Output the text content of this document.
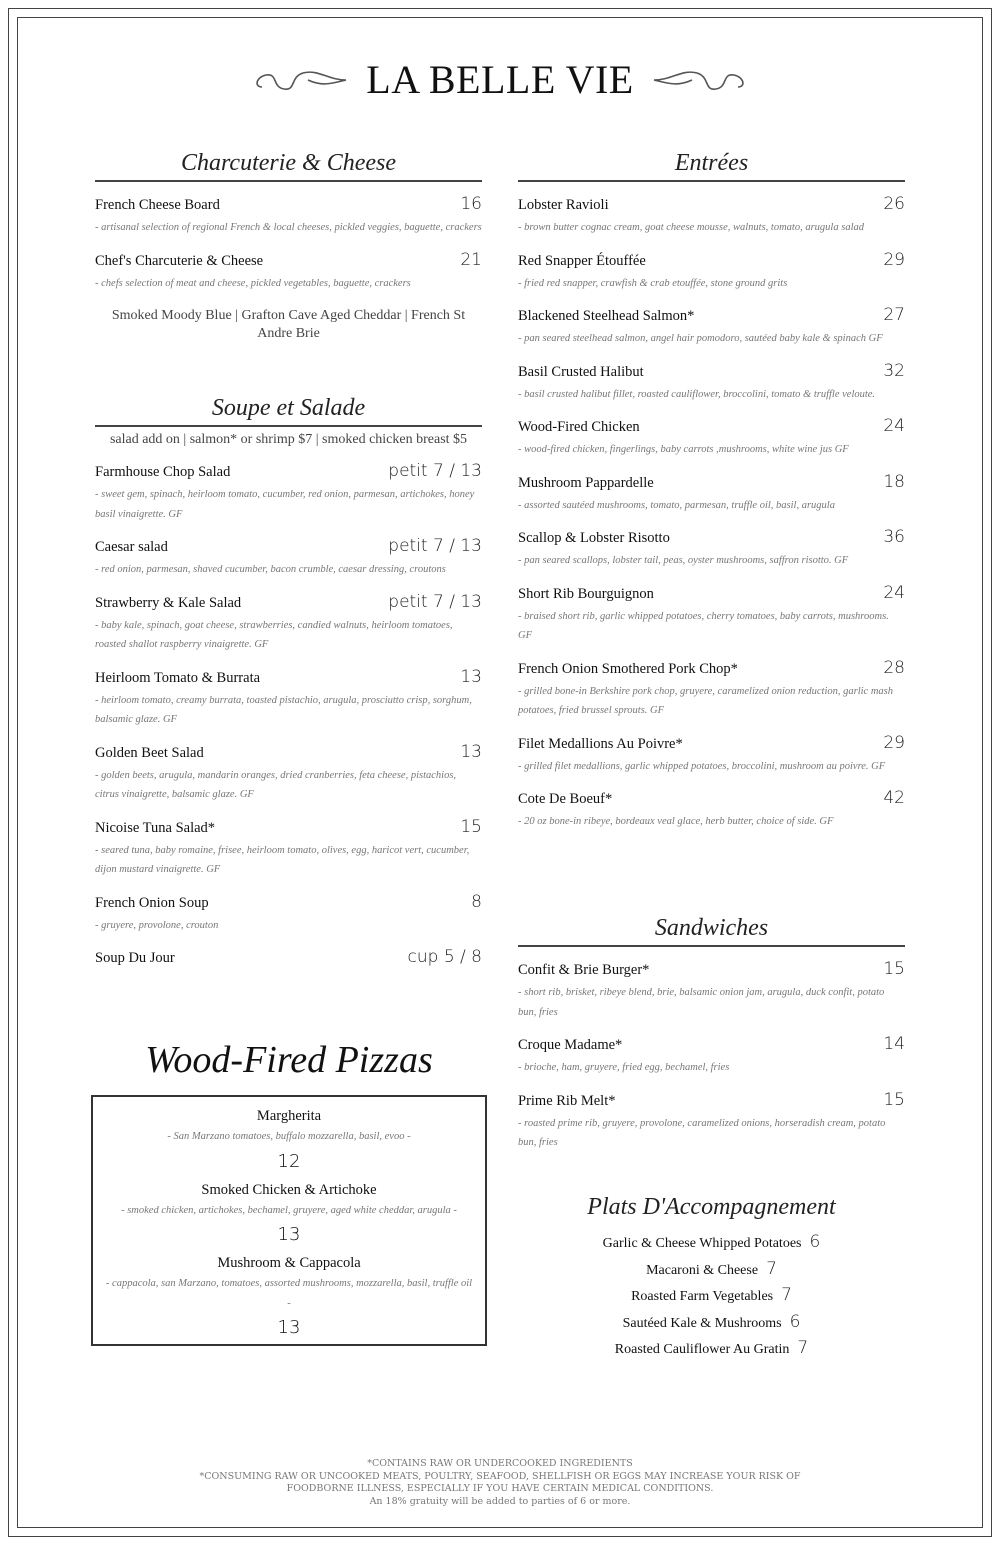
LA BELLE VIE
Charcuterie & Cheese
French Cheese Board	16
- artisanal selection of regional French & local cheeses, pickled veggies, baguette, crackers
Chef's Charcuterie & Cheese	21
- chefs selection of meat and cheese, pickled vegetables, baguette, crackers
Smoked Moody Blue | Grafton Cave Aged Cheddar | French St Andre Brie
Soupe et Salade
salad add on | salmon* or shrimp $7 | smoked chicken breast $5
Farmhouse Chop Salad	petit 7 / 13
- sweet gem, spinach, heirloom tomato, cucumber, red onion, parmesan, artichokes, honey basil vinaigrette. GF
Caesar salad	petit 7 / 13
- red onion, parmesan, shaved cucumber, bacon crumble, caesar dressing, croutons
Strawberry & Kale Salad	petit 7 / 13
- baby kale, spinach, goat cheese, strawberries, candied walnuts, heirloom tomatoes, roasted shallot raspberry vinaigrette. GF
Heirloom Tomato & Burrata	13
- heirloom tomato, creamy burrata, toasted pistachio, arugula, prosciutto crisp, sorghum, balsamic glaze. GF
Golden Beet Salad	13
- golden beets, arugula, mandarin oranges, dried cranberries, feta cheese, pistachios, citrus vinaigrette, balsamic glaze. GF
Nicoise Tuna Salad*	15
- seared tuna, baby romaine, frisee, heirloom tomato, olives, egg, haricot vert, cucumber, dijon mustard vinaigrette. GF
French Onion Soup	8
- gruyere, provolone, crouton
Soup Du Jour	cup 5 / 8
Wood-Fired Pizzas
Margherita
- San Marzano tomatoes, buffalo mozzarella, basil, evoo -
12
Smoked Chicken & Artichoke
- smoked chicken, artichokes, bechamel, gruyere, aged white cheddar, arugula -
13
Mushroom & Cappacola
- cappacola, san Marzano, tomatoes, assorted mushrooms, mozzarella, basil, truffle oil -
13
Entrées
Lobster Ravioli	26
- brown butter cognac cream, goat cheese mousse, walnuts, tomato, arugula salad
Red Snapper Étouffée	29
- fried red snapper, crawfish & crab etouffée, stone ground grits
Blackened Steelhead Salmon*	27
- pan seared steelhead salmon, angel hair pomodoro, sautéed baby kale & spinach GF
Basil Crusted Halibut	32
- basil crusted halibut fillet, roasted cauliflower, broccolini, tomato & truffle veloute.
Wood-Fired Chicken	24
- wood-fired chicken, fingerlings, baby carrots ,mushrooms, white wine jus GF
Mushroom Pappardelle	18
- assorted sautéed mushrooms, tomato, parmesan, truffle oil, basil, arugula
Scallop & Lobster Risotto	36
- pan seared scallops, lobster tail, peas, oyster mushrooms, saffron risotto. GF
Short Rib Bourguignon	24
- braised short rib, garlic whipped potatoes, cherry tomatoes, baby carrots, mushrooms. GF
French Onion Smothered Pork Chop*	28
- grilled bone-in Berkshire pork chop, gruyere, caramelized onion reduction, garlic mash potatoes, fried brussel sprouts. GF
Filet Medallions Au Poivre*	29
- grilled filet medallions, garlic whipped potatoes, broccolini, mushroom au poivre. GF
Cote De Boeuf*	42
- 20 oz bone-in ribeye, bordeaux veal glace, herb butter, choice of side. GF
Sandwiches
Confit & Brie Burger*	15
- short rib, brisket, ribeye blend, brie, balsamic onion jam, arugula, duck confit, potato bun, fries
Croque Madame*	14
- brioche, ham, gruyere, fried egg, bechamel, fries
Prime Rib Melt*	15
- roasted prime rib, gruyere, provolone, caramelized onions, horseradish cream, potato bun, fries
Plats D'Accompagnement
Garlic & Cheese Whipped Potatoes 6
Macaroni & Cheese 7
Roasted Farm Vegetables 7
Sautéed Kale & Mushrooms 6
Roasted Cauliflower Au Gratin 7
*CONTAINS RAW OR UNDERCOOKED INGREDIENTS
*CONSUMING RAW OR UNCOOKED MEATS, POULTRY, SEAFOOD, SHELLFISH OR EGGS MAY INCREASE YOUR RISK OF FOODBORNE ILLNESS, ESPECIALLY IF YOU HAVE CERTAIN MEDICAL CONDITIONS.
An 18% gratuity will be added to parties of 6 or more.
